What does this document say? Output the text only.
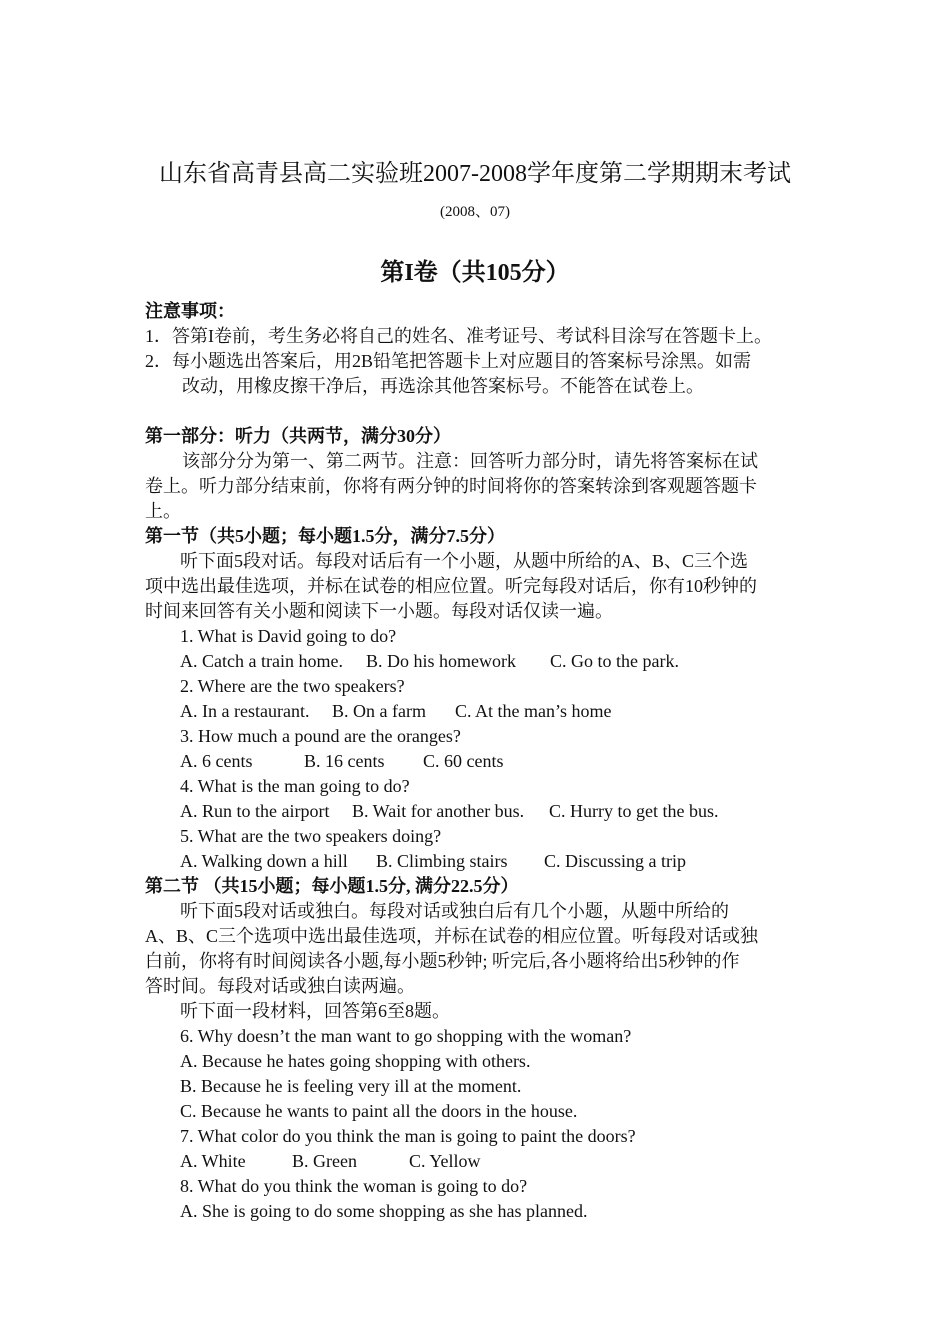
山东省高青县高二实验班2007-2008学年度第二学期期末考试
(2008、07)
第I卷（共105分）
注意事项：
1．答第I卷前，考生务必将自己的姓名、准考证号、考试科目涂写在答题卡上。
2．每小题选出答案后，用2B铅笔把答题卡上对应题目的答案标号涂黑。如需
改动，用橡皮擦干净后，再选涂其他答案标号。不能答在试卷上。
第一部分：听力（共两节，满分30分）
该部分分为第一、第二两节。注意：回答听力部分时，请先将答案标在试
卷上。听力部分结束前，你将有两分钟的时间将你的答案转涂到客观题答题卡
上。
第一节（共5小题；每小题1.5分，满分7.5分）
听下面5段对话。每段对话后有一个小题，从题中所给的A、B、C三个选
项中选出最佳选项，并标在试卷的相应位置。听完每段对话后，你有10秒钟的
时间来回答有关小题和阅读下一小题。每段对话仅读一遍。
1. What is David going to do?
A. Catch a train home. B. Do his homework C. Go to the park.
2. Where are the two speakers?
A. In a restaurant. B. On a farm C. At the man’s home
3. How much a pound are the oranges?
A. 6 cents	B. 16 cents C. 60 cents
4. What is the man going to do?
A. Run to the airport B. Wait for another bus. C. Hurry to get the bus.
5. What are the two speakers doing?
A. Walking down a hill B. Climbing stairs C. Discussing a trip
第二节 （共15小题；每小题1.5分, 满分22.5分）
听下面5段对话或独白。每段对话或独白后有几个小题，从题中所给的
A、B、C三个选项中选出最佳选项，并标在试卷的相应位置。听每段对话或独
白前，你将有时间阅读各小题,每小题5秒钟; 听完后,各小题将给出5秒钟的作
答时间。每段对话或独白读两遍。
听下面一段材料，回答第6至8题。
6. Why doesn’t the man want to go shopping with the woman?
A. Because he hates going shopping with others.
B. Because he is feeling very ill at the moment.
C. Because he wants to paint all the doors in the house.
7. What color do you think the man is going to paint the doors?
A. White	B. Green	C. Yellow
8. What do you think the woman is going to do?
A. She is going to do some shopping as she has planned.
